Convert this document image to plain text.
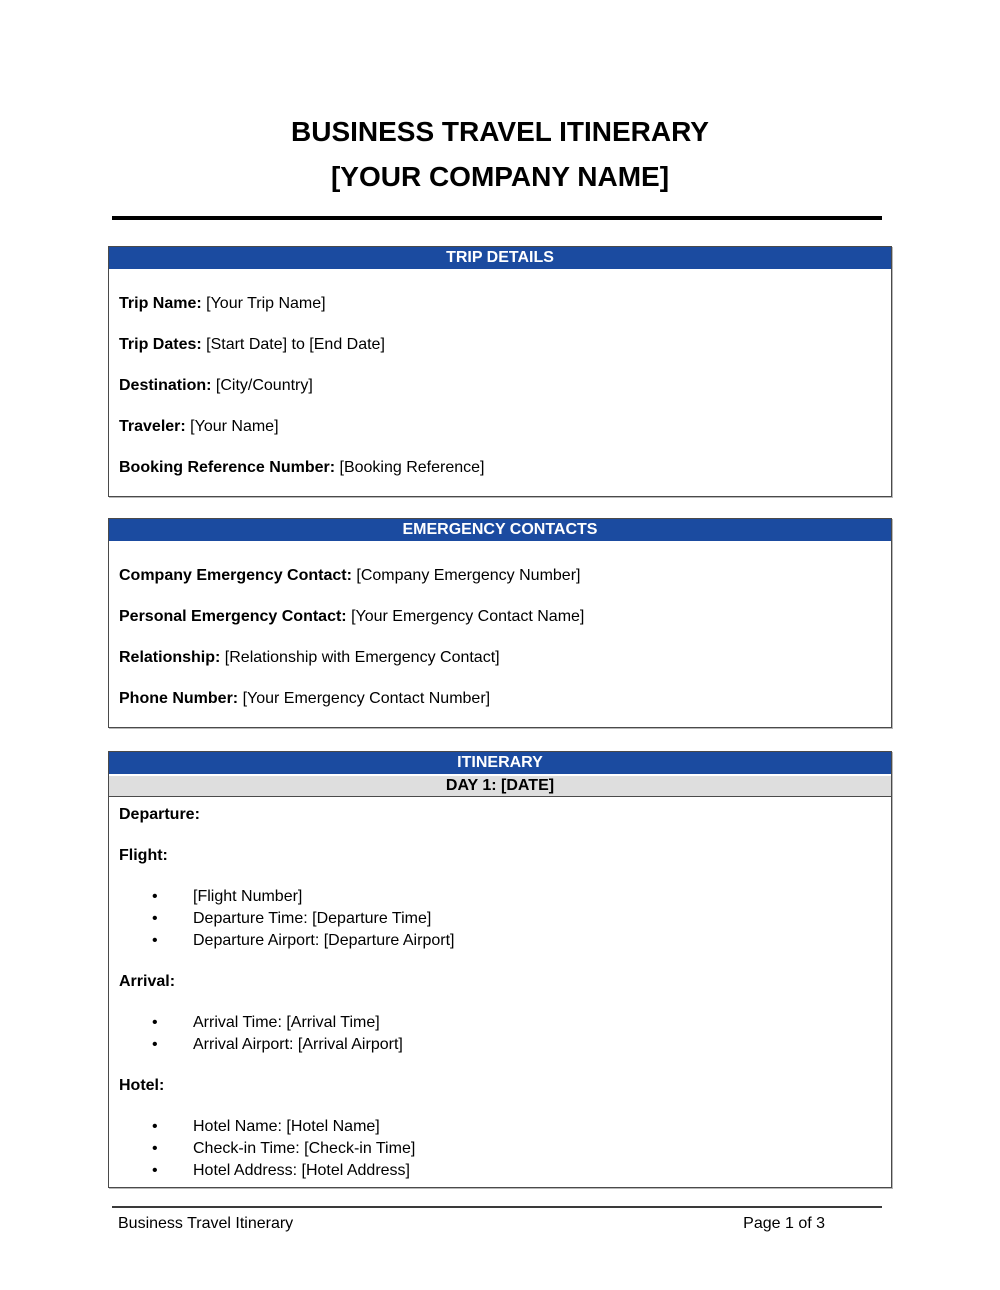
BUSINESS TRAVEL ITINERARY
[YOUR COMPANY NAME]
TRIP DETAILS

Trip Name: [Your Trip Name]

Trip Dates: [Start Date] to [End Date]

Destination: [City/Country]

Traveler: [Your Name]

Booking Reference Number: [Booking Reference]

EMERGENCY CONTACTS

Company Emergency Contact: [Company Emergency Number]

Personal Emergency Contact: [Your Emergency Contact Name]

Relationship: [Relationship with Emergency Contact]

Phone Number: [Your Emergency Contact Number]

ITINERARY
DAY 1: [DATE]

Departure:

Flight:

• [Flight Number]
• Departure Time: [Departure Time]
• Departure Airport: [Departure Airport]

Arrival:

• Arrival Time: [Arrival Time]
• Arrival Airport: [Arrival Airport]

Hotel:

• Hotel Name: [Hotel Name]
• Check-in Time: [Check-in Time]
• Hotel Address: [Hotel Address]
Business Travel Itinerary	Page 1 of 3
